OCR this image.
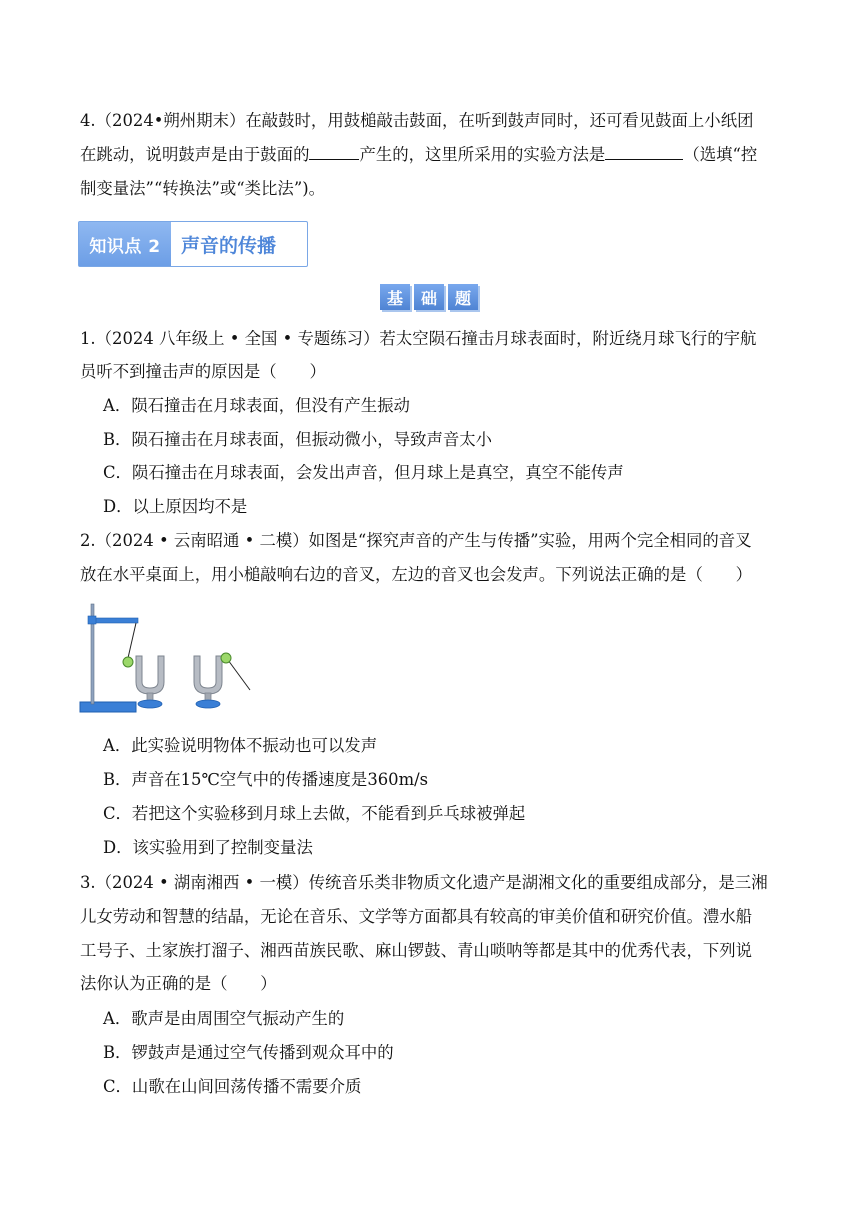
4.（2024•朔州期末）在敲鼓时，用鼓槌敲击鼓面，在听到鼓声同时，还可看见鼓面上小纸团
在跳动，说明鼓声是由于鼓面的	产生的，这里所采用的实验方法是	（选填“控
制变量法”“转换法”或“类比法”)。
知识点 2	声音的传播
基	础	题
1.（2024 八年级上 • 全国 • 专题练习）若太空陨石撞击月球表面时，附近绕月球飞行的宇航
员听不到撞击声的原因是（　　）
A．陨石撞击在月球表面，但没有产生振动
B．陨石撞击在月球表面，但振动微小，导致声音太小
C．陨石撞击在月球表面，会发出声音，但月球上是真空，真空不能传声
D．以上原因均不是
2.（2024 • 云南昭通 • 二模）如图是“探究声音的产生与传播”实验，用两个完全相同的音叉
放在水平桌面上，用小槌敲响右边的音叉，左边的音叉也会发声。下列说法正确的是（　　）
A．此实验说明物体不振动也可以发声
B．声音在15℃空气中的传播速度是360m/s
C．若把这个实验移到月球上去做，不能看到乒乓球被弹起
D．该实验用到了控制变量法
3.（2024 • 湖南湘西 • 一模）传统音乐类非物质文化遗产是湖湘文化的重要组成部分，是三湘
儿女劳动和智慧的结晶，无论在音乐、文学等方面都具有较高的审美价值和研究价值。澧水船
工号子、土家族打溜子、湘西苗族民歌、麻山锣鼓、青山唢呐等都是其中的优秀代表，下列说
法你认为正确的是（　　）
A．歌声是由周围空气振动产生的
B．锣鼓声是通过空气传播到观众耳中的
C．山歌在山间回荡传播不需要介质
